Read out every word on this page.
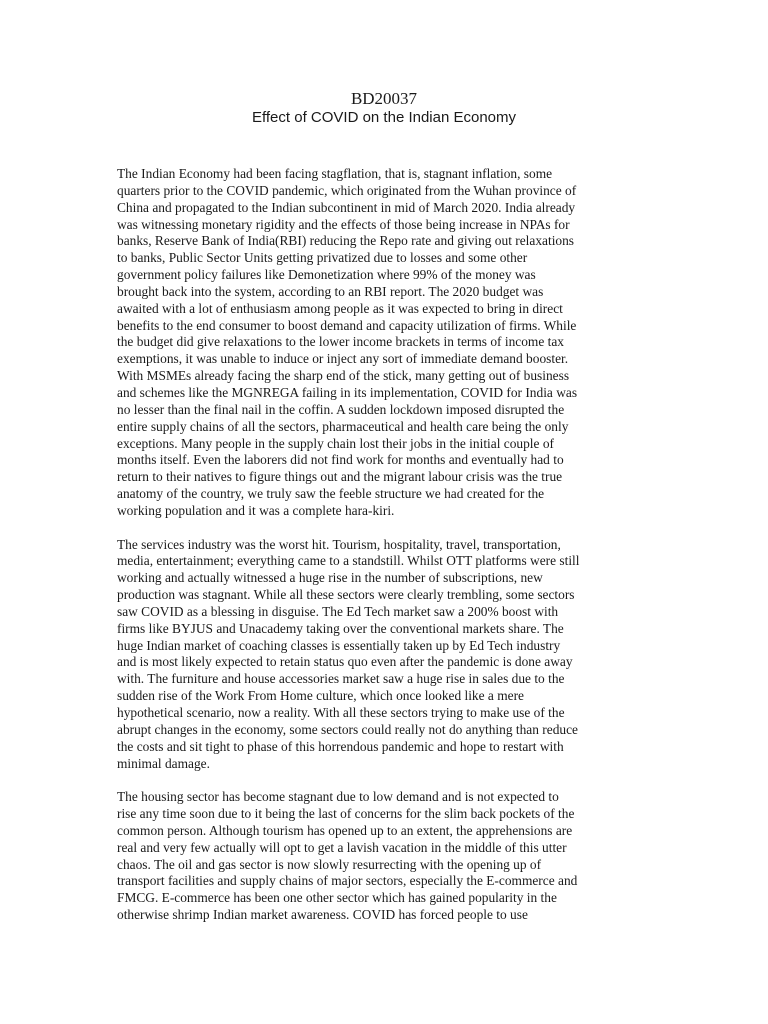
BD20037
Effect of COVID on the Indian Economy

The Indian Economy had been facing stagflation, that is, stagnant inflation, some
quarters prior to the COVID pandemic, which originated from the Wuhan province of
China and propagated to the Indian subcontinent in mid of March 2020. India already
was witnessing monetary rigidity and the effects of those being increase in NPAs for
banks, Reserve Bank of India(RBI) reducing the Repo rate and giving out relaxations
to banks, Public Sector Units getting privatized due to losses and some other
government policy failures like Demonetization where 99% of the money was
brought back into the system, according to an RBI report. The 2020 budget was
awaited with a lot of enthusiasm among people as it was expected to bring in direct
benefits to the end consumer to boost demand and capacity utilization of firms. While
the budget did give relaxations to the lower income brackets in terms of income tax
exemptions, it was unable to induce or inject any sort of immediate demand booster.
With MSMEs already facing the sharp end of the stick, many getting out of business
and schemes like the MGNREGA failing in its implementation, COVID for India was
no lesser than the final nail in the coffin. A sudden lockdown imposed disrupted the
entire supply chains of all the sectors, pharmaceutical and health care being the only
exceptions. Many people in the supply chain lost their jobs in the initial couple of
months itself. Even the laborers did not find work for months and eventually had to
return to their natives to figure things out and the migrant labour crisis was the true
anatomy of the country, we truly saw the feeble structure we had created for the
working population and it was a complete hara-kiri.

The services industry was the worst hit. Tourism, hospitality, travel, transportation,
media, entertainment; everything came to a standstill. Whilst OTT platforms were still
working and actually witnessed a huge rise in the number of subscriptions, new
production was stagnant. While all these sectors were clearly trembling, some sectors
saw COVID as a blessing in disguise. The Ed Tech market saw a 200% boost with
firms like BYJUS and Unacademy taking over the conventional markets share. The
huge Indian market of coaching classes is essentially taken up by Ed Tech industry
and is most likely expected to retain status quo even after the pandemic is done away
with. The furniture and house accessories market saw a huge rise in sales due to the
sudden rise of the Work From Home culture, which once looked like a mere
hypothetical scenario, now a reality. With all these sectors trying to make use of the
abrupt changes in the economy, some sectors could really not do anything than reduce
the costs and sit tight to phase of this horrendous pandemic and hope to restart with
minimal damage.

The housing sector has become stagnant due to low demand and is not expected to
rise any time soon due to it being the last of concerns for the slim back pockets of the
common person. Although tourism has opened up to an extent, the apprehensions are
real and very few actually will opt to get a lavish vacation in the middle of this utter
chaos. The oil and gas sector is now slowly resurrecting with the opening up of
transport facilities and supply chains of major sectors, especially the E-commerce and
FMCG. E-commerce has been one other sector which has gained popularity in the
otherwise shrimp Indian market awareness. COVID has forced people to use
